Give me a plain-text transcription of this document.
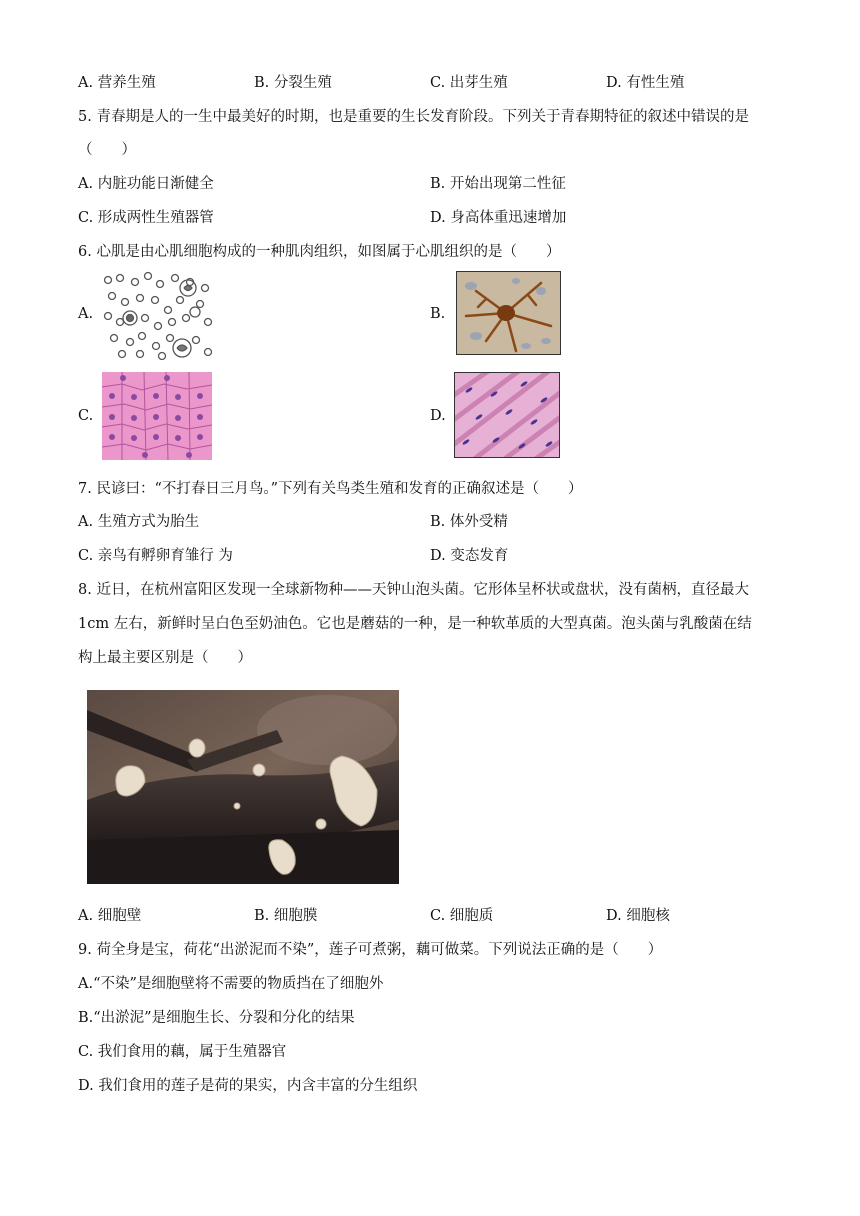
A. 营养生殖	B. 分裂生殖	C. 出芽生殖	D. 有性生殖
5. 青春期是人的一生中最美好的时期，也是重要的生长发育阶段。下列关于青春期特征的叙述中错误的是
（　　）
A. 内脏功能日渐健全	B. 开始出现第二性征
C. 形成两性生殖器管	D. 身高体重迅速增加
6. 心肌是由心肌细胞构成的一种肌肉组织，如图属于心肌组织的是（　　）
A.	B.
C.	D.
7. 民谚曰：“不打春日三月鸟。”下列有关鸟类生殖和发育的正确叙述是（　　）
A. 生殖方式为胎生	B. 体外受精
C. 亲鸟有孵卵育雏行 为	D. 变态发育
8. 近日，在杭州富阳区发现一全球新物种——天钟山泡头菌。它形体呈杯状或盘状，没有菌柄，直径最大
1cm 左右，新鲜时呈白色至奶油色。它也是蘑菇的一种，是一种软革质的大型真菌。泡头菌与乳酸菌在结
构上最主要区别是（　　）
A. 细胞壁	B. 细胞膜	C. 细胞质	D. 细胞核
9. 荷全身是宝，荷花“出淤泥而不染”，莲子可煮粥，藕可做菜。下列说法正确的是（　　）
A.“不染”是细胞壁将不需要的物质挡在了细胞外
B.“出淤泥”是细胞生长、分裂和分化的结果
C. 我们食用的藕，属于生殖器官
D. 我们食用的莲子是荷的果实，内含丰富的分生组织
